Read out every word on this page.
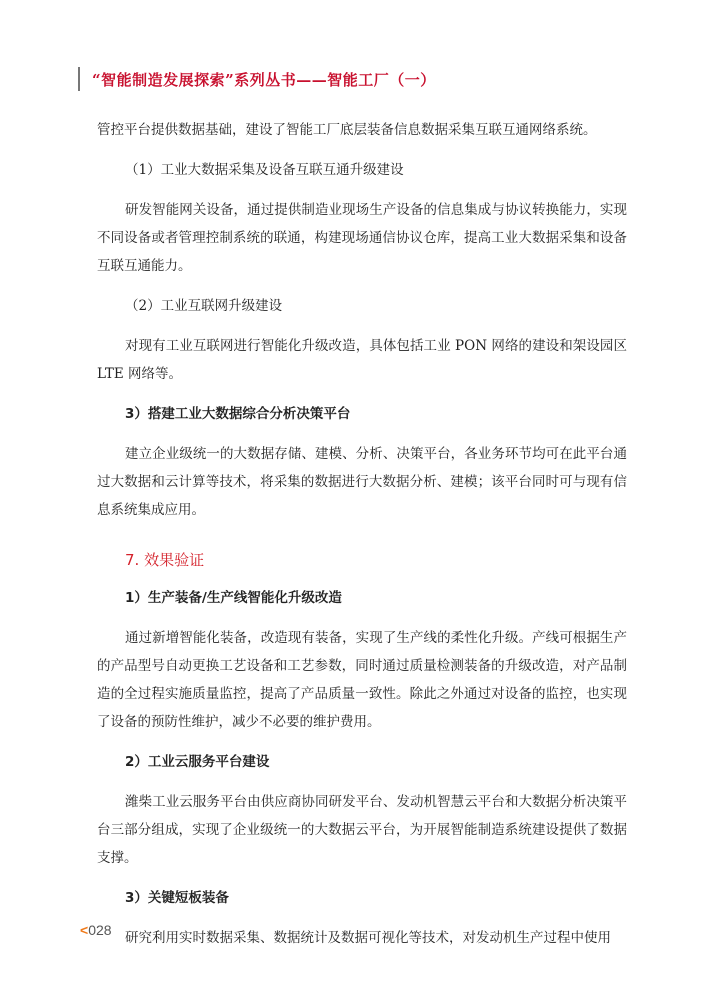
“智能制造发展探索”系列丛书——智能工厂（一）

管控平台提供数据基础，建设了智能工厂底层装备信息数据采集互联互通网络系统。

（1）工业大数据采集及设备互联互通升级建设

研发智能网关设备，通过提供制造业现场生产设备的信息集成与协议转换能力，实现不同设备或者管理控制系统的联通，构建现场通信协议仓库，提高工业大数据采集和设备互联互通能力。

（2）工业互联网升级建设

对现有工业互联网进行智能化升级改造，具体包括工业 PON 网络的建设和架设园区 LTE 网络等。

3）搭建工业大数据综合分析决策平台

建立企业级统一的大数据存储、建模、分析、决策平台，各业务环节均可在此平台通过大数据和云计算等技术，将采集的数据进行大数据分析、建模；该平台同时可与现有信息系统集成应用。

7. 效果验证

1）生产装备/生产线智能化升级改造

通过新增智能化装备，改造现有装备，实现了生产线的柔性化升级。产线可根据生产的产品型号自动更换工艺设备和工艺参数，同时通过质量检测装备的升级改造，对产品制造的全过程实施质量监控，提高了产品质量一致性。除此之外通过对设备的监控，也实现了设备的预防性维护，减少不必要的维护费用。

2）工业云服务平台建设

潍柴工业云服务平台由供应商协同研发平台、发动机智慧云平台和大数据分析决策平台三部分组成，实现了企业级统一的大数据云平台，为开展智能制造系统建设提供了数据支撑。

3）关键短板装备

研究利用实时数据采集、数据统计及数据可视化等技术，对发动机生产过程中使用

<028
